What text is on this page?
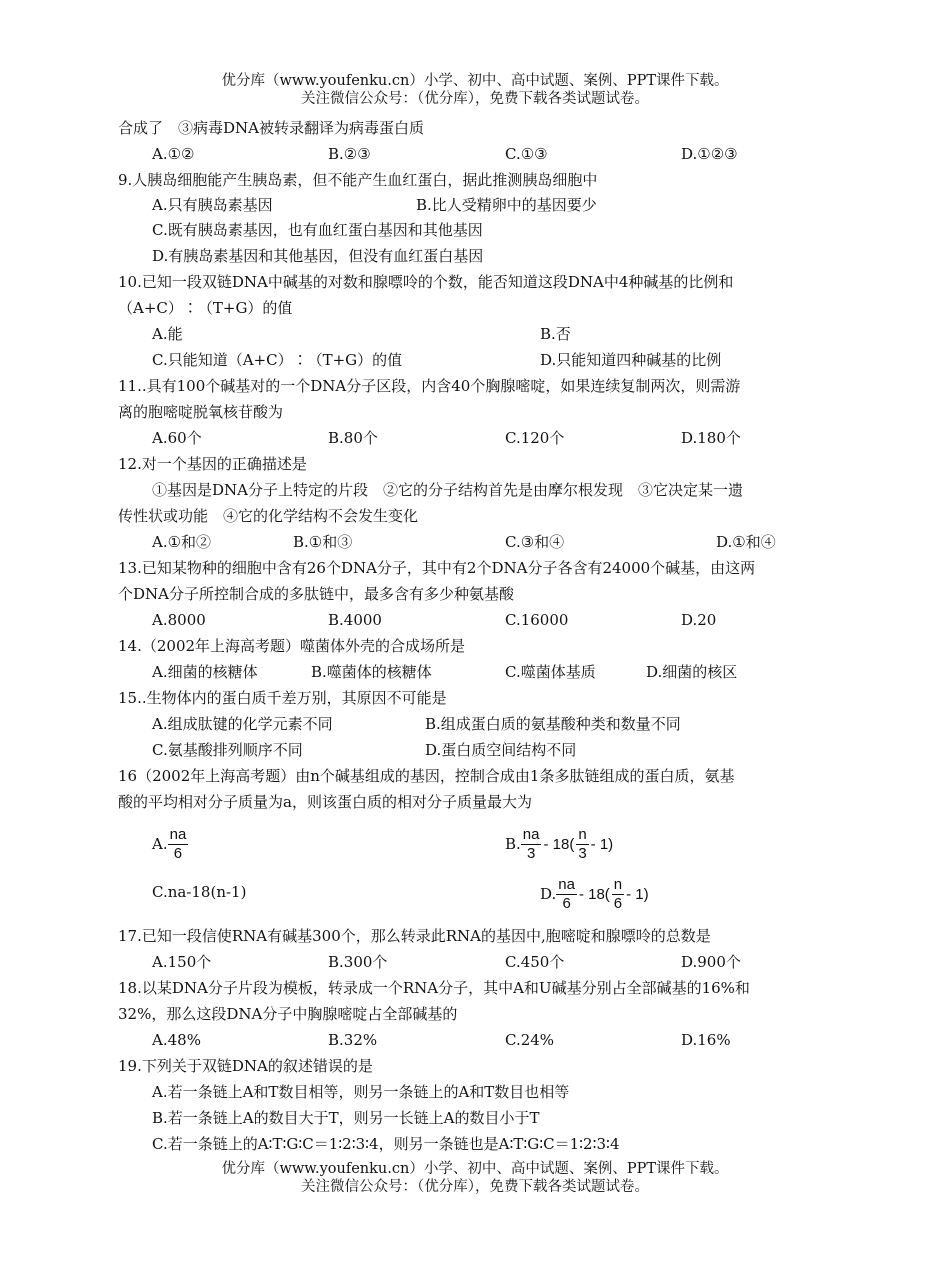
优分库（www.youfenku.cn）小学、初中、高中试题、案例、PPT课件下载。
关注微信公众号：（优分库），免费下载各类试题试卷。
合成了　③病毒DNA被转录翻译为病毒蛋白质
A.①②	B.②③	C.①③	D.①②③
9.人胰岛细胞能产生胰岛素，但不能产生血红蛋白，据此推测胰岛细胞中
A.只有胰岛素基因	B.比人受精卵中的基因要少
C.既有胰岛素基因，也有血红蛋白基因和其他基因
D.有胰岛素基因和其他基因，但没有血红蛋白基因
10.已知一段双链DNA中碱基的对数和腺嘌呤的个数，能否知道这段DNA中4种碱基的比例和
（A+C）∶（T+G）的值
A.能	B.否
C.只能知道（A+C）∶（T+G）的值	D.只能知道四种碱基的比例
11..具有100个碱基对的一个DNA分子区段，内含40个胸腺嘧啶，如果连续复制两次，则需游
离的胞嘧啶脱氧核苷酸为
A.60个	B.80个	C.120个	D.180个
12.对一个基因的正确描述是
①基因是DNA分子上特定的片段　②它的分子结构首先是由摩尔根发现　③它决定某一遗
传性状或功能　④它的化学结构不会发生变化
A.①和②	B.①和③	C.③和④	D.①和④
13.已知某物种的细胞中含有26个DNA分子，其中有2个DNA分子各含有24000个碱基，由这两
个DNA分子所控制合成的多肽链中，最多含有多少种氨基酸
A.8000	B.4000	C.16000	D.20
14.（2002年上海高考题）噬菌体外壳的合成场所是
A.细菌的核糖体	B.噬菌体的核糖体	C.噬菌体基质	D.细菌的核区
15..生物体内的蛋白质千差万别，其原因不可能是
A.组成肽键的化学元素不同	B.组成蛋白质的氨基酸种类和数量不同
C.氨基酸排列顺序不同	D.蛋白质空间结构不同
16（2002年上海高考题）由n个碱基组成的基因，控制合成由1条多肽链组成的蛋白质，氨基
酸的平均相对分子质量为a，则该蛋白质的相对分子质量最大为
A. $\frac{na}{6}$	B. $\frac{na}{3} - 18( \frac{n}{3} - 1)$
C.na-18(n-1)	D. $\frac{na}{6} - 18( \frac{n}{6} - 1)$
17.已知一段信使RNA有碱基300个，那么转录此RNA的基因中,胞嘧啶和腺嘌呤的总数是
A.150个	B.300个	C.450个	D.900个
18.以某DNA分子片段为模板，转录成一个RNA分子，其中A和U碱基分别占全部碱基的16%和
32%，那么这段DNA分子中胸腺嘧啶占全部碱基的
A.48%	B.32%	C.24%	D.16%
19.下列关于双链DNA的叙述错误的是
A.若一条链上A和T数目相等，则另一条链上的A和T数目也相等
B.若一条链上A的数目大于T，则另一长链上A的数目小于T
C.若一条链上的A∶T∶G∶C＝1∶2∶3∶4，则另一条链也是A∶T∶G∶C＝1∶2∶3∶4
优分库（www.youfenku.cn）小学、初中、高中试题、案例、PPT课件下载。
关注微信公众号：（优分库），免费下载各类试题试卷。
